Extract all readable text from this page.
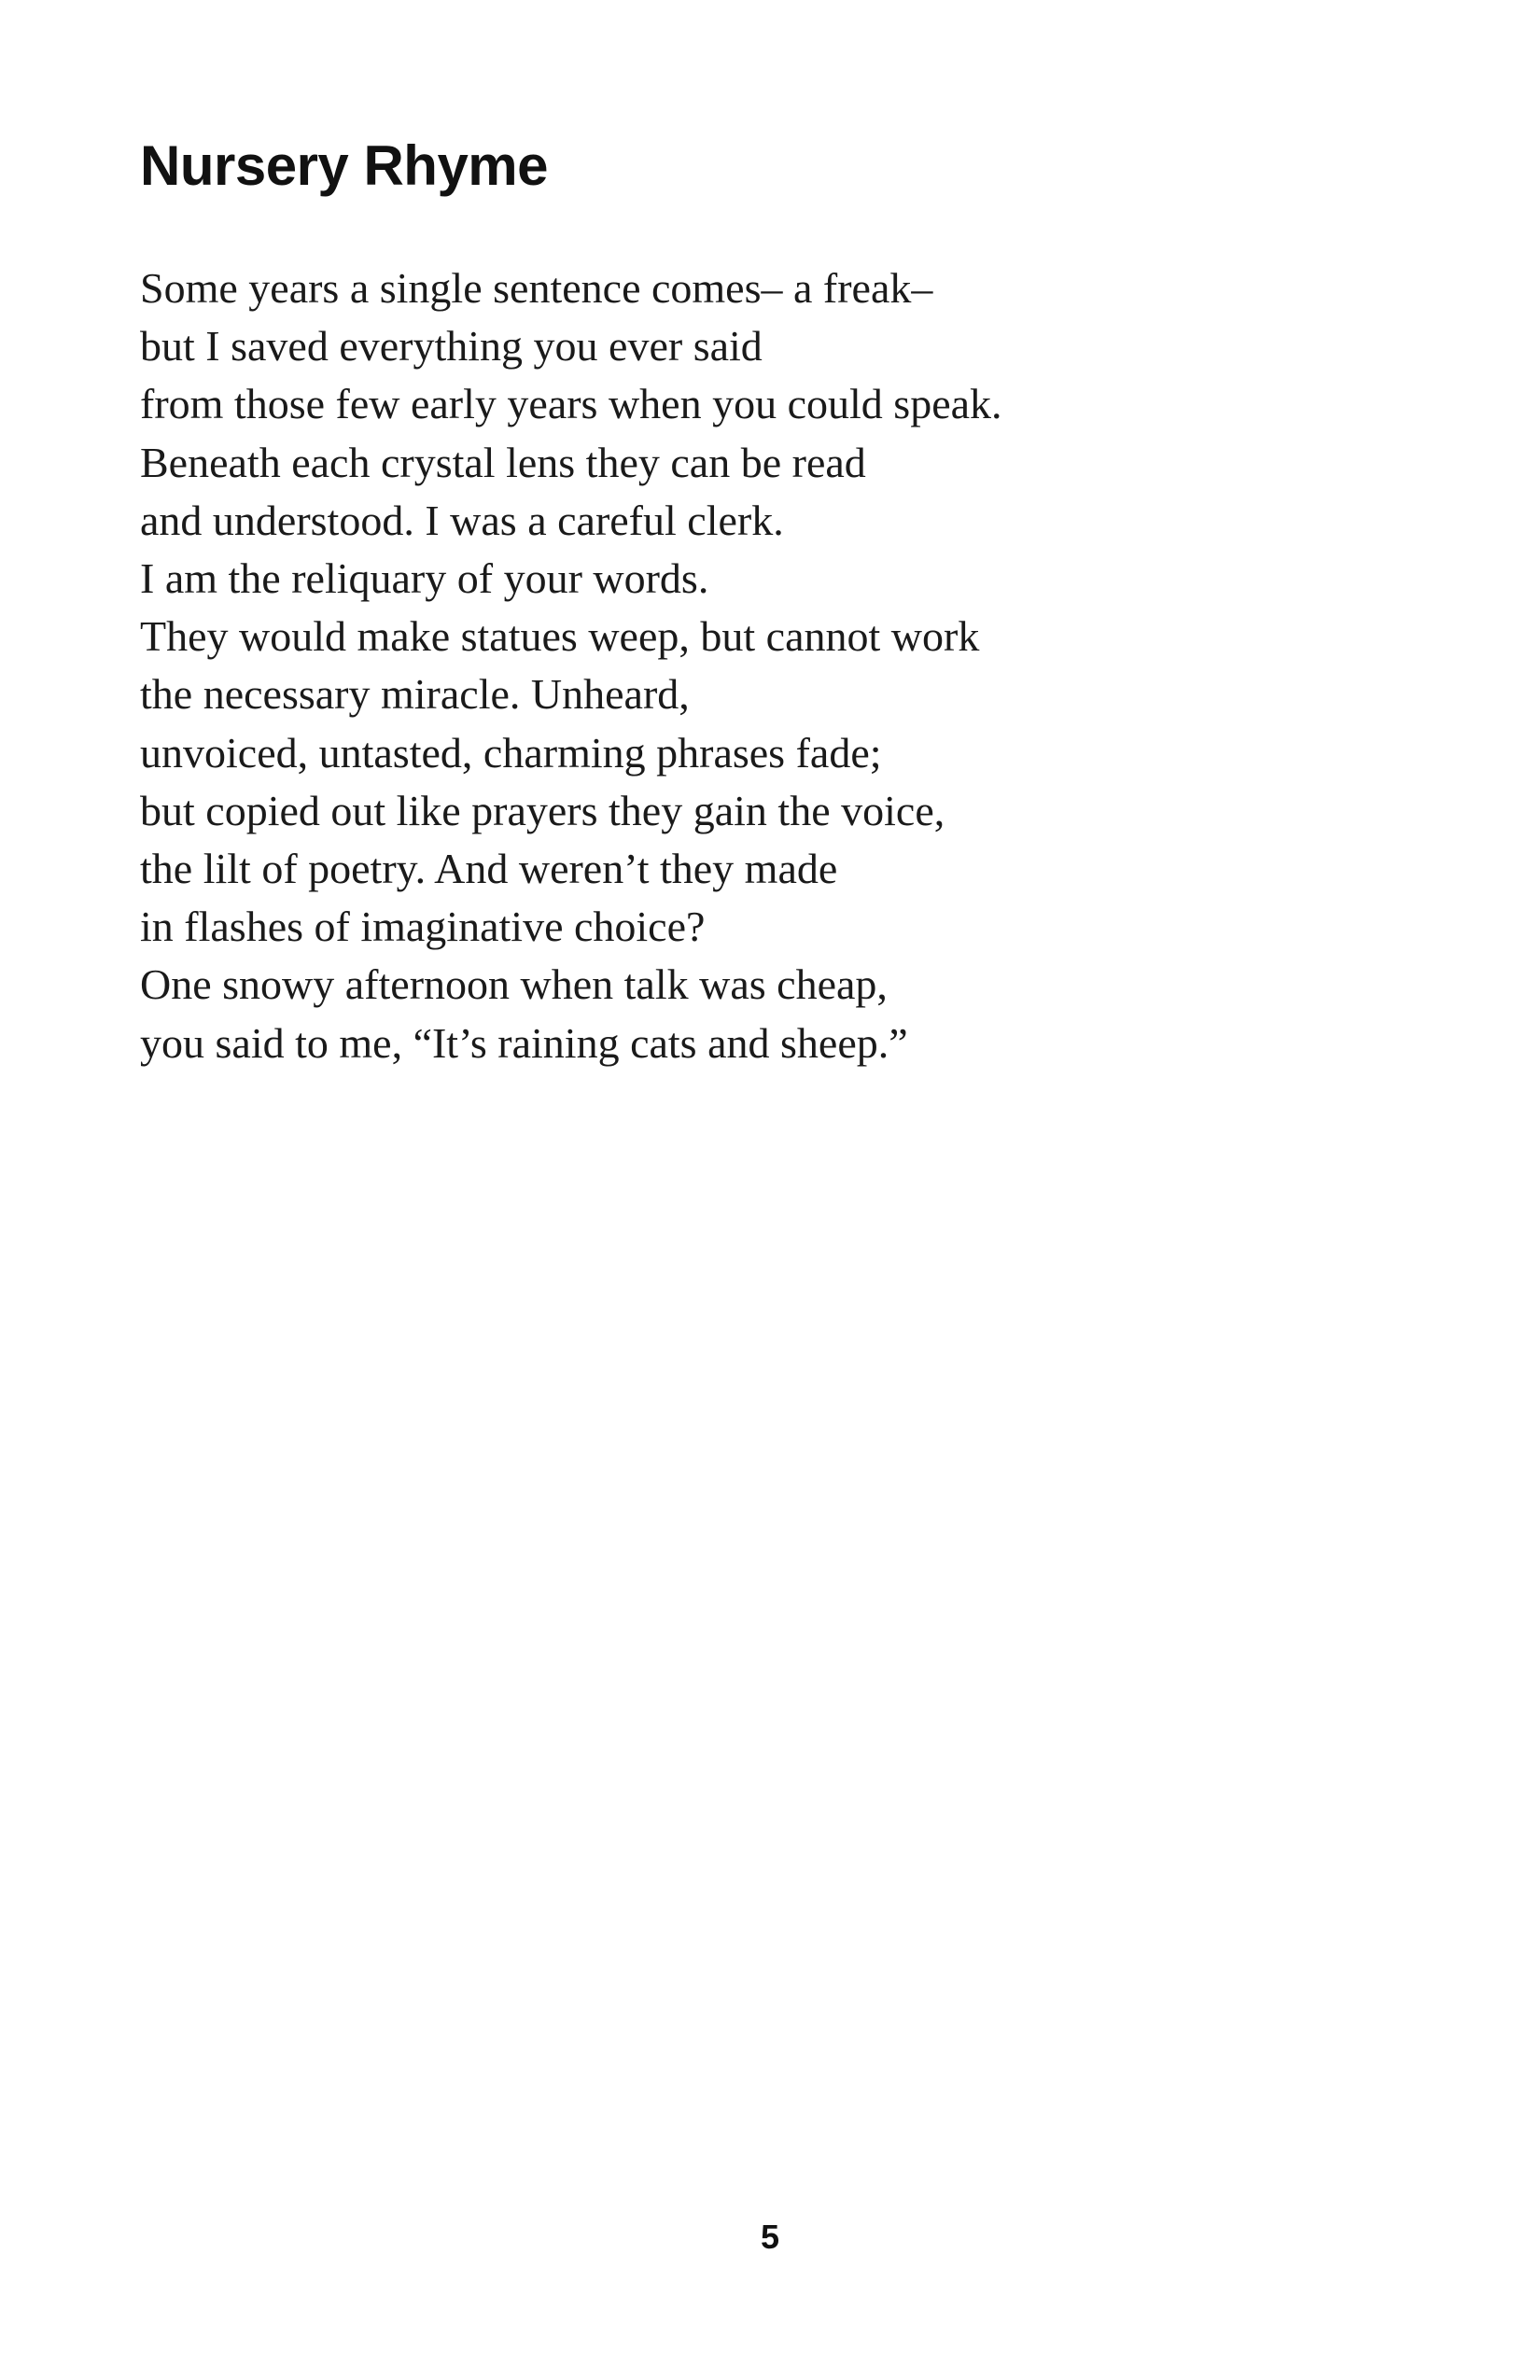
Nursery Rhyme
Some years a single sentence comes– a freak–
but I saved everything you ever said
from those few early years when you could speak.
Beneath each crystal lens they can be read
and understood. I was a careful clerk.
I am the reliquary of your words.
They would make statues weep, but cannot work
the necessary miracle. Unheard,
unvoiced, untasted, charming phrases fade;
but copied out like prayers they gain the voice,
the lilt of poetry. And weren’t they made
in flashes of imaginative choice?
One snowy afternoon when talk was cheap,
you said to me, “It’s raining cats and sheep.”
5
